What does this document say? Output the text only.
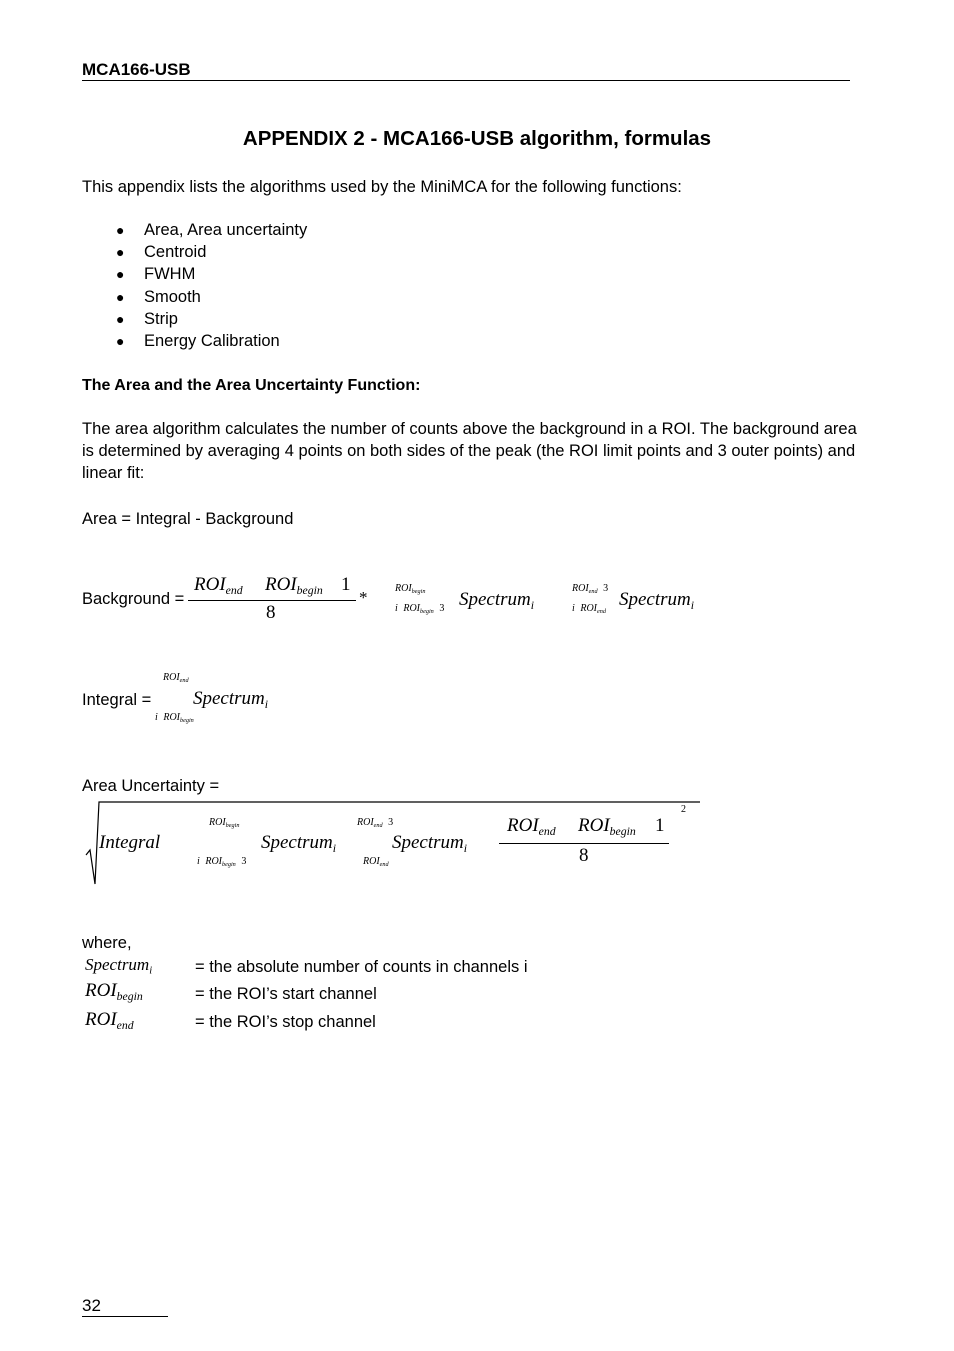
MCA166-USB
APPENDIX 2 - MCA166-USB algorithm, formulas
This appendix lists the algorithms used by the MiniMCA for the following functions:
●	Area, Area uncertainty
●	Centroid
●	FWHM
●	Smooth
●	Strip
●	Energy Calibration
The Area and the Area Uncertainty Function:
The area algorithm calculates the number of counts above the background in a ROI. The background area is determined by averaging 4 points on both sides of the peak (the ROI limit points and 3 outer points) and linear fit:
Area = Integral - Background
Background =
$ROI_{end}$ $ROI_{begin}$ 1
8
*	$ROI_{begin}$
i $ROI_{begin}$ 3 Spectrum$_i$
$ROI_{end}$ 3
i $ROI_{end}$
Spectrum$_i$
Integral =
$ROI_{end}$
Spectrum$_i$
i $ROI_{begin}$
Area Uncertainty =
Integral
$ROI_{begin}$
i $ROI_{begin}$ 3
Spectrum$_i$
$ROI_{end}$ 3
$ROI_{end}$
Spectrum$_i$
$ROI_{end}$ $ROI_{begin}$ 1
8
2
where,
Spectrum$_i$	= the absolute number of counts in channels i
$ROI_{begin}$	= the ROI’s start channel
$ROI_{end}$	= the ROI’s stop channel
32
